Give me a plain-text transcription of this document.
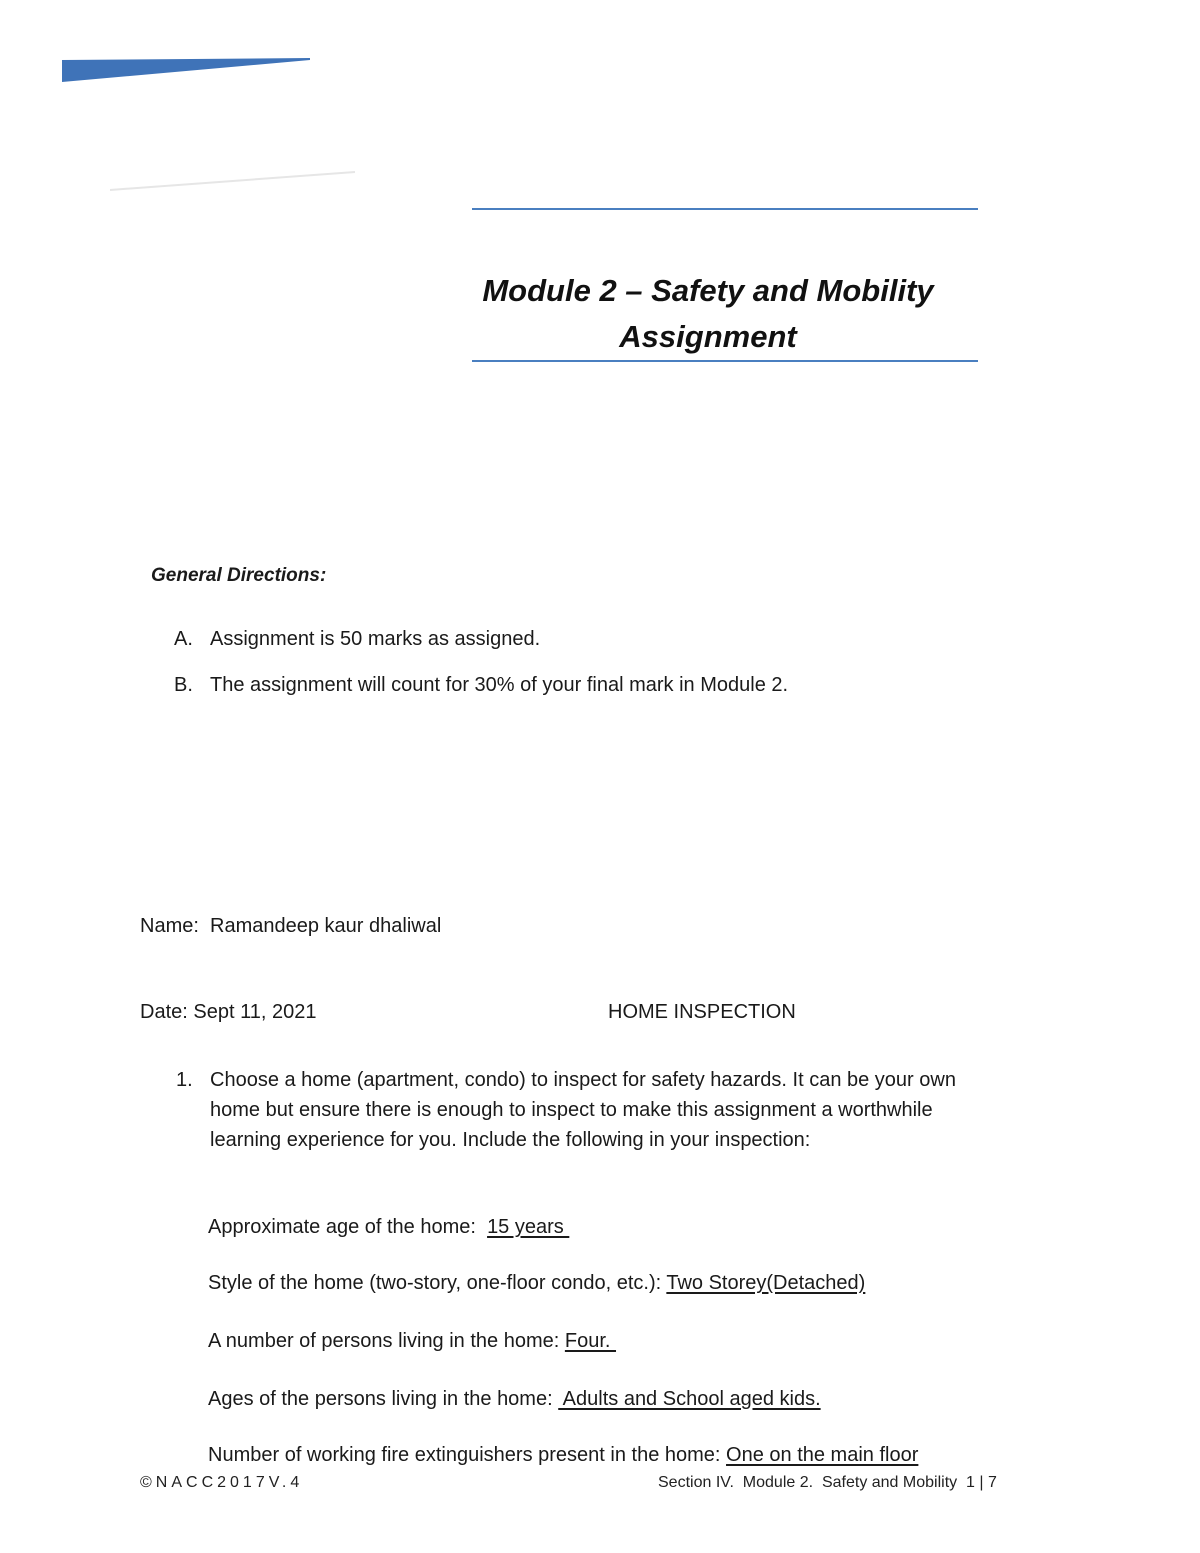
Module 2 – Safety and Mobility
Assignment
General Directions:
A. Assignment is 50 marks as assigned.
B. The assignment will count for 30% of your final mark in Module 2.
Name: Ramandeep kaur dhaliwal
Date: Sept 11, 2021	HOME INSPECTION
1. Choose a home (apartment, condo) to inspect for safety hazards. It can be your own
home but ensure there is enough to inspect to make this assignment a worthwhile
learning experience for you. Include the following in your inspection:
Approximate age of the home:  15 years
Style of the home (two-story, one-floor condo, etc.): Two Storey(Detached)
A number of persons living in the home: Four.
Ages of the persons living in the home:  Adults and School aged kids.
Number of working fire extinguishers present in the home: One on the main floor
©NACC2017V.4	Section IV.  Module 2.  Safety and Mobility  1 | 7
